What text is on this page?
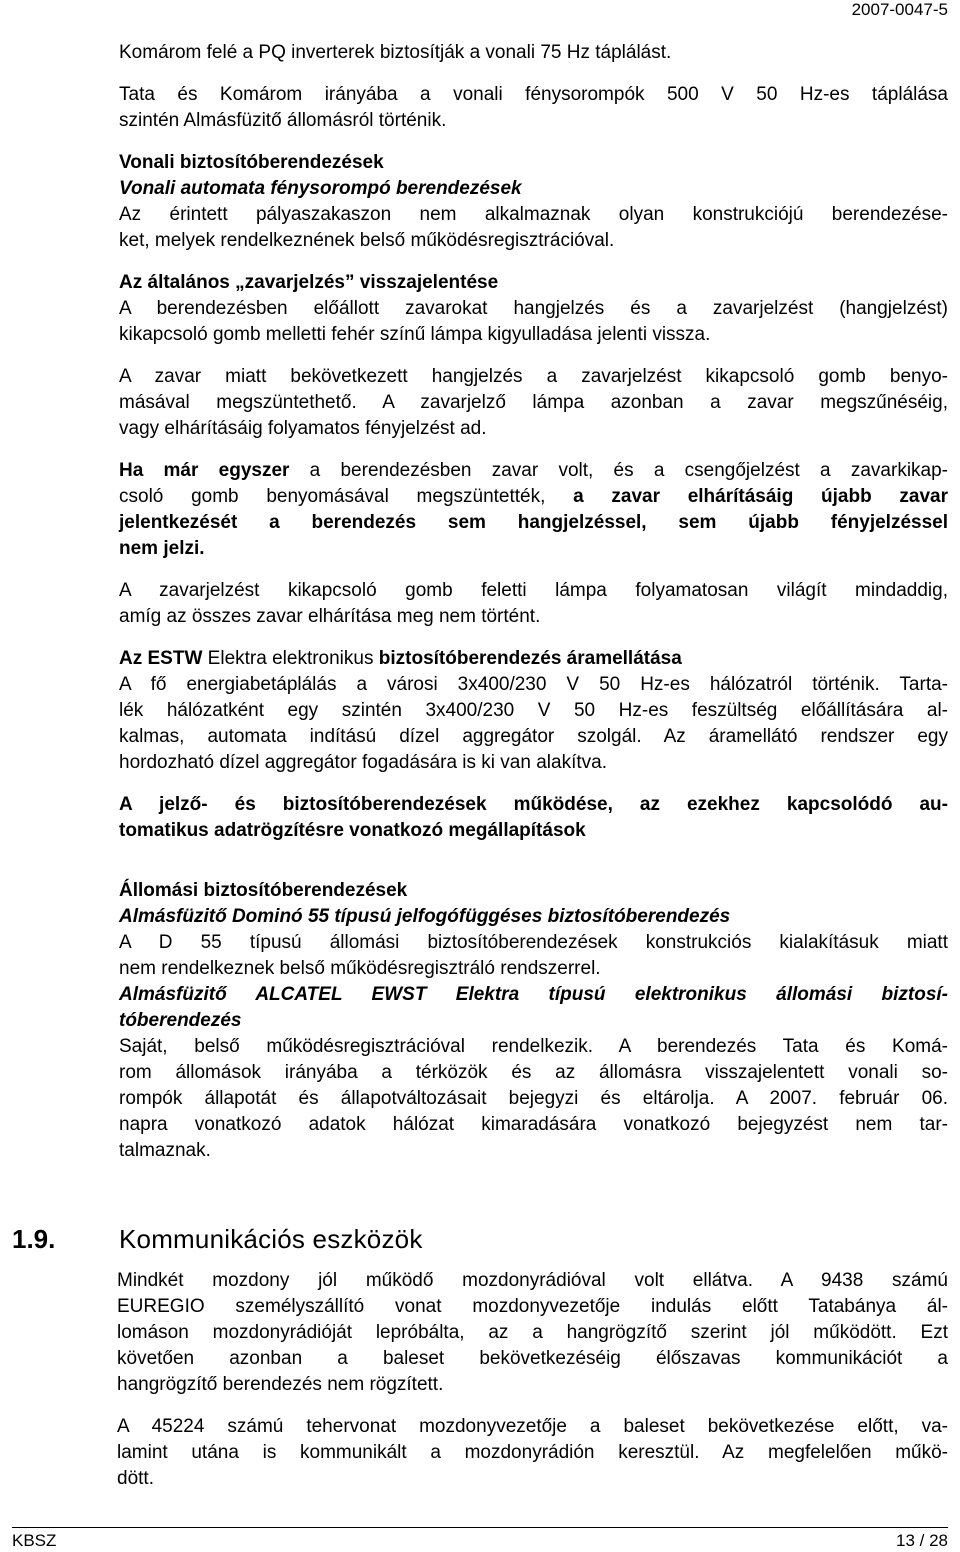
2007-0047-5
Komárom felé a PQ inverterek biztosítják a vonali 75 Hz táplálást.
Tata és Komárom irányába a vonali fénysorompók 500 V 50 Hz-es táplálása
szintén Almásfüzitő állomásról történik.
Vonali biztosítóberendezések
Vonali automata fénysorompó berendezések
Az érintett pályaszakaszon nem alkalmaznak olyan konstrukciójú berendezése-
ket, melyek rendelkeznének belső működésregisztrációval.
Az általános „zavarjelzés” visszajelentése
A berendezésben előállott zavarokat hangjelzés és a zavarjelzést (hangjelzést)
kikapcsoló gomb melletti fehér színű lámpa kigyulladása jelenti vissza.
A zavar miatt bekövetkezett hangjelzés a zavarjelzést kikapcsoló gomb benyo-
másával megszüntethető. A zavarjelző lámpa azonban a zavar megszűnéséig,
vagy elhárításáig folyamatos fényjelzést ad.
Ha már egyszer a berendezésben zavar volt, és a csengőjelzést a zavarkikap-
csoló gomb benyomásával megszüntették, a zavar elhárításáig újabb zavar
jelentkezését a berendezés sem hangjelzéssel, sem újabb fényjelzéssel
nem jelzi.
A zavarjelzést kikapcsoló gomb feletti lámpa folyamatosan világít mindaddig,
amíg az összes zavar elhárítása meg nem történt.
Az ESTW Elektra elektronikus biztosítóberendezés áramellátása
A fő energiabetáplálás a városi 3x400/230 V 50 Hz-es hálózatról történik. Tarta-
lék hálózatként egy szintén 3x400/230 V 50 Hz-es feszültség előállítására al-
kalmas, automata indítású dízel aggregátor szolgál. Az áramellátó rendszer egy
hordozható dízel aggregátor fogadására is ki van alakítva.
A jelző- és biztosítóberendezések működése, az ezekhez kapcsolódó au-
tomatikus adatrögzítésre vonatkozó megállapítások
Állomási biztosítóberendezések
Almásfüzitő Dominó 55 típusú jelfogófüggéses biztosítóberendezés
A D 55 típusú állomási biztosítóberendezések konstrukciós kialakításuk miatt
nem rendelkeznek belső működésregisztráló rendszerrel.
Almásfüzitő ALCATEL EWST Elektra típusú elektronikus állomási biztosí-
tóberendezés
Saját, belső működésregisztrációval rendelkezik. A berendezés Tata és Komá-
rom állomások irányába a térközök és az állomásra visszajelentett vonali so-
rompók állapotát és állapotváltozásait bejegyzi és eltárolja. A 2007. február 06.
napra vonatkozó adatok hálózat kimaradására vonatkozó bejegyzést nem tar-
talmaznak.
1.9. Kommunikációs eszközök
Mindkét mozdony jól működő mozdonyrádióval volt ellátva. A 9438 számú
EUREGIO személyszállító vonat mozdonyvezetője indulás előtt Tatabánya ál-
lomáson mozdonyrádióját lepróbálta, az a hangrögzítő szerint jól működött. Ezt
követően azonban a baleset bekövetkezéséig élőszavas kommunikációt a
hangrögzítő berendezés nem rögzített.
A 45224 számú tehervonat mozdonyvezetője a baleset bekövetkezése előtt, va-
lamint utána is kommunikált a mozdonyrádión keresztül. Az megfelelően műkö-
dött.
KBSZ	13 / 28
